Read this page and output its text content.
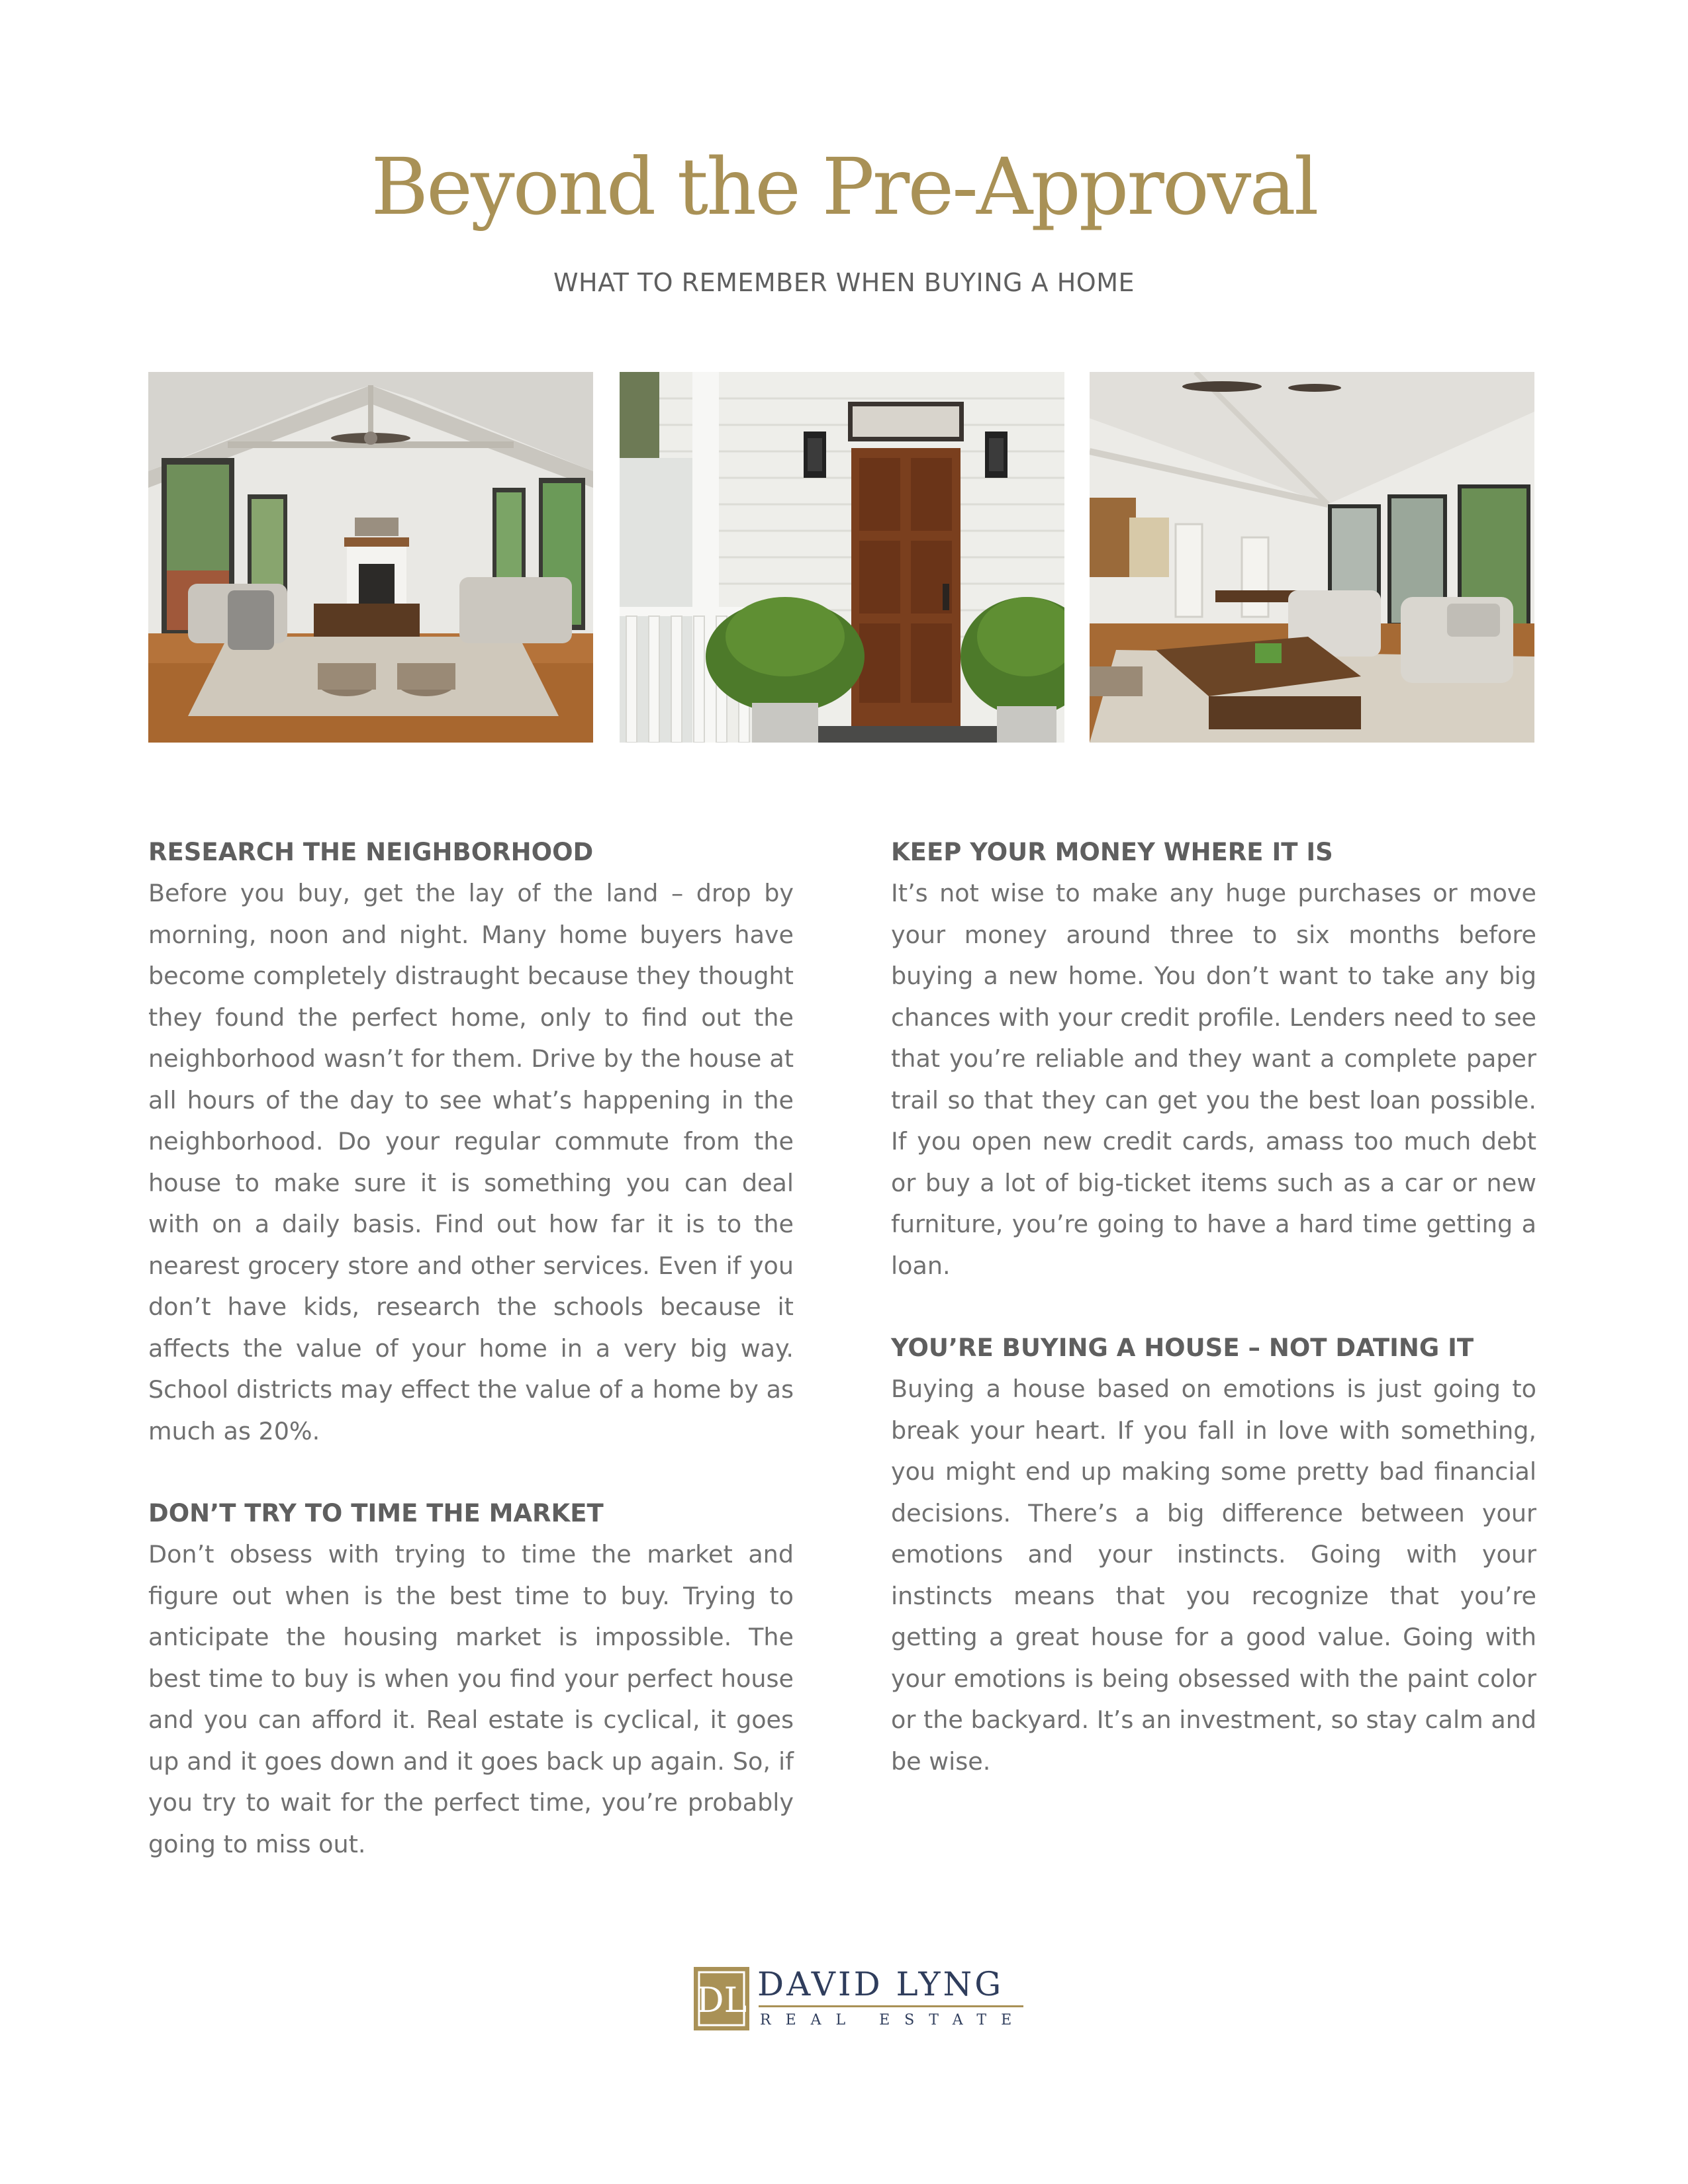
Beyond the Pre-Approval
WHAT TO REMEMBER WHEN BUYING A HOME
RESEARCH THE NEIGHBORHOOD

Before you buy, get the lay of the land – drop by morning, noon and night. Many home buyers have become completely distraught because they thought they found the perfect home, only to find out the neighborhood wasn’t for them. Drive by the house at all hours of the day to see what’s happening in the neighborhood. Do your regular commute from the house to make sure it is something you can deal with on a daily basis. Find out how far it is to the nearest grocery store and other services. Even if you don’t have kids, research the schools because it affects the value of your home in a very big way. School districts may effect the value of a home by as much as 20%.

DON’T TRY TO TIME THE MARKET

Don’t obsess with trying to time the market and figure out when is the best time to buy. Trying to anticipate the housing market is impossible. The best time to buy is when you find your perfect house and you can afford it. Real estate is cyclical, it goes up and it goes down and it goes back up again. So, if you try to wait for the perfect time, you’re probably going to miss out.

KEEP YOUR MONEY WHERE IT IS

It’s not wise to make any huge purchases or move your money around three to six months before buying a new home. You don’t want to take any big chances with your credit profile. Lenders need to see that you’re reliable and they want a complete paper trail so that they can get you the best loan possible. If you open new credit cards, amass too much debt or buy a lot of big-ticket items such as a car or new furniture, you’re going to have a hard time getting a loan.

YOU’RE BUYING A HOUSE – NOT DATING IT

Buying a house based on emotions is just going to break your heart. If you fall in love with something, you might end up making some pretty bad financial decisions. There’s a big difference between your emotions and your instincts. Going with your instincts means that you recognize that you’re getting a great house for a good value. Going with your emotions is being obsessed with the paint color or the backyard. It’s an investment, so stay calm and be wise.

DL DAVID LYNG
REAL ESTATE
